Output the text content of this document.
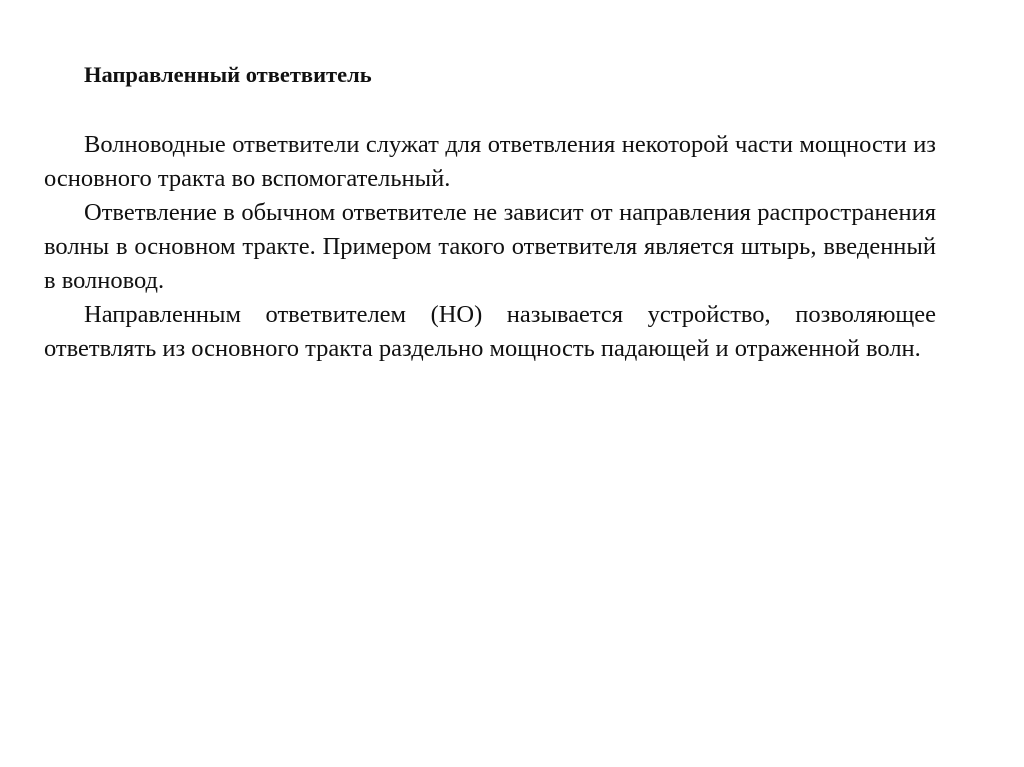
Направленный ответвитель

Волноводные ответвители служат для ответвления некоторой части мощности из основного тракта во вспомогательный.

Ответвление в обычном ответвителе не зависит от направления распространения волны в основном тракте. Примером такого ответвителя является штырь, введенный в волновод.

Направленным ответвителем (НО) называется устройство, позволяющее ответвлять из основного тракта раздельно мощность падающей и отраженной волн.
